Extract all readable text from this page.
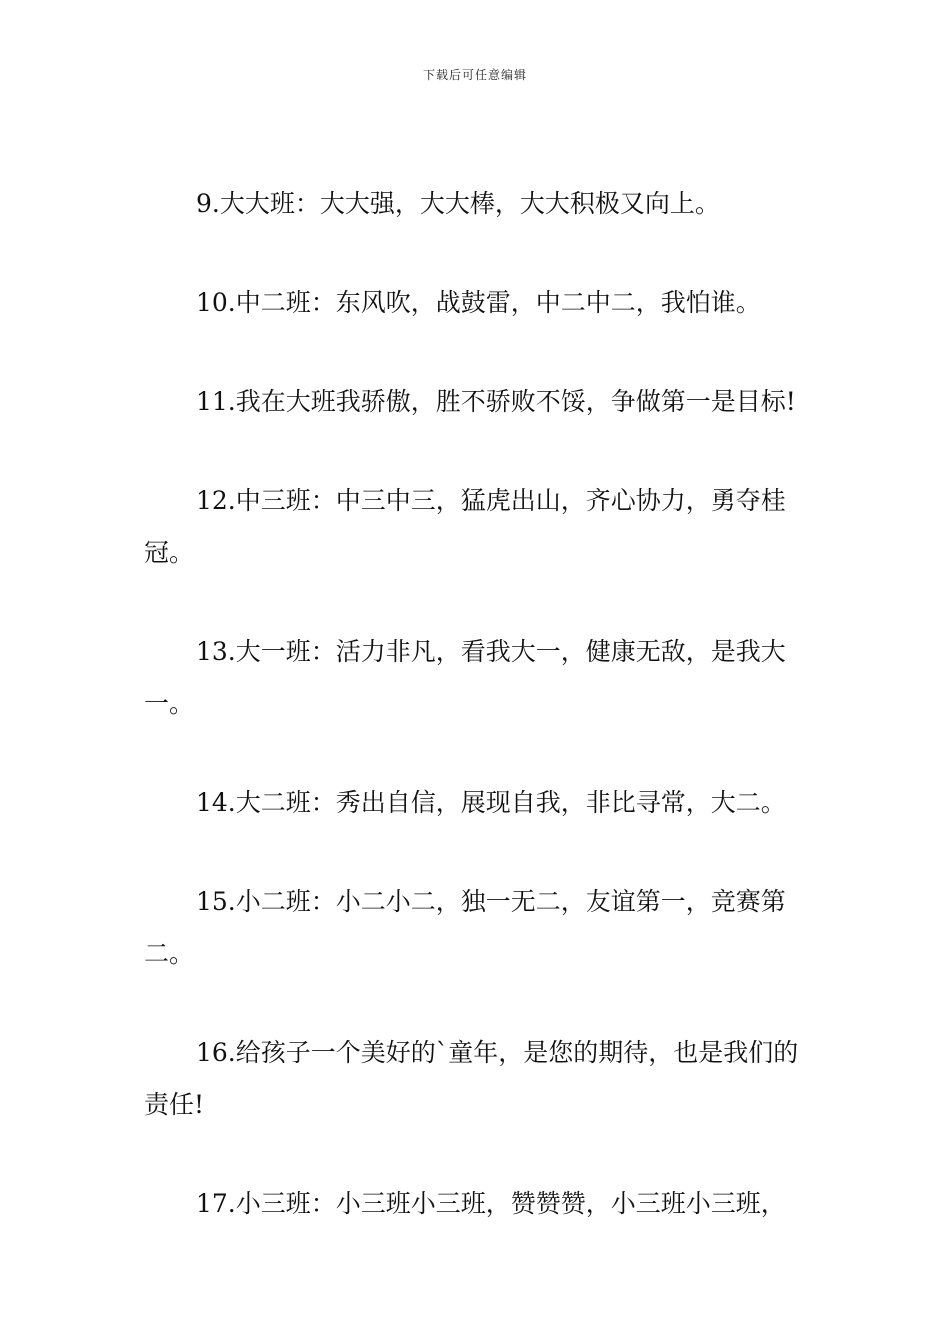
下载后可任意编辑

9.大大班：大大强，大大棒，大大积极又向上。

10.中二班：东风吹，战鼓雷，中二中二，我怕谁。

11.我在大班我骄傲，胜不骄败不馁，争做第一是目标!

12.中三班：中三中三，猛虎出山，齐心协力，勇夺桂冠。

13.大一班：活力非凡，看我大一，健康无敌，是我大一。

14.大二班：秀出自信，展现自我，非比寻常，大二。

15.小二班：小二小二，独一无二，友谊第一，竞赛第二。

16.给孩子一个美好的`童年，是您的期待，也是我们的责任!

17.小三班：小三班小三班，赞赞赞，小三班小三班，
